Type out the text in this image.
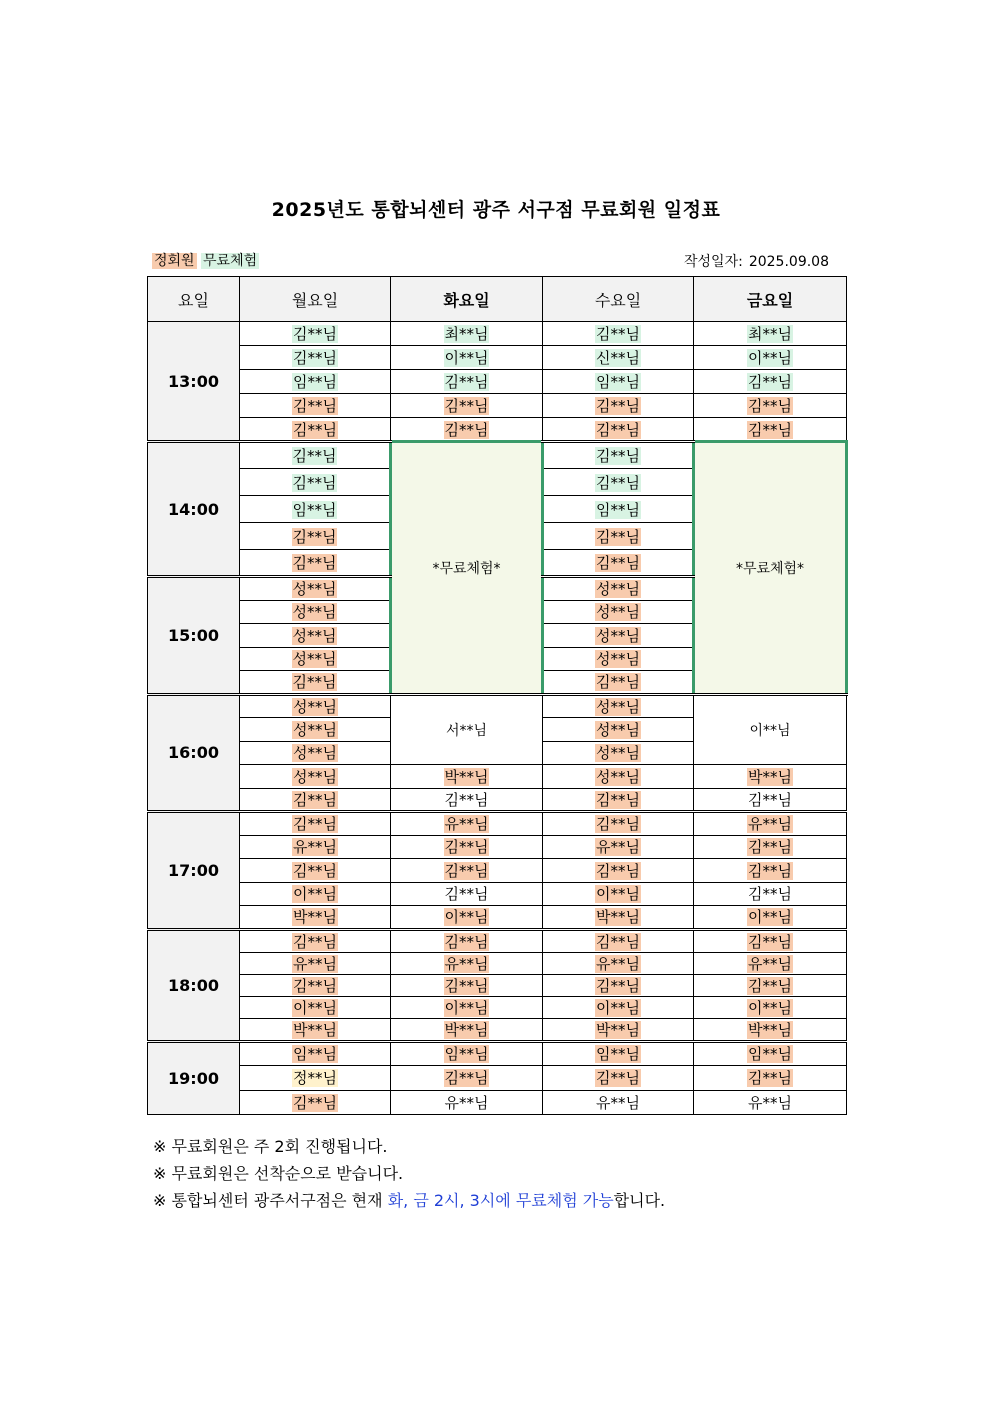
2025년도 통합뇌센터 광주 서구점 무료회원 일정표
정회원 무료체험	작성일자: 2025.09.08
요일	월요일	화요일	수요일	금요일
13:00	김**님	최**님	김**님	최**님
	김**님	이**님	신**님	이**님
	임**님	김**님	임**님	김**님
	김**님	김**님	김**님	김**님
	김**님	김**님	김**님	김**님
14:00	김**님	*무료체험*	김**님	*무료체험*
	김**님		김**님	
	임**님		임**님	
	김**님		김**님	
	김**님		김**님	
15:00	성**님		성**님	
	성**님		성**님	
	성**님		성**님	
	성**님		성**님	
	김**님		김**님	
16:00	성**님	서**님	성**님	이**님
	성**님		성**님	
	성**님		성**님	
	성**님	박**님	성**님	박**님
	김**님	김**님	김**님	김**님
17:00	김**님	유**님	김**님	유**님
	유**님	김**님	유**님	김**님
	김**님	김**님	김**님	김**님
	이**님	김**님	이**님	김**님
	박**님	이**님	박**님	이**님
18:00	김**님	김**님	김**님	김**님
	유**님	유**님	유**님	유**님
	김**님	김**님	김**님	김**님
	이**님	이**님	이**님	이**님
	박**님	박**님	박**님	박**님
19:00	임**님	임**님	임**님	임**님
	정**님	김**님	김**님	김**님
	김**님	유**님	유**님	유**님
※ 무료회원은 주 2회 진행됩니다.
※ 무료회원은 선착순으로 받습니다.
※ 통합뇌센터 광주서구점은 현재 화, 금 2시, 3시에 무료체험 가능합니다.
